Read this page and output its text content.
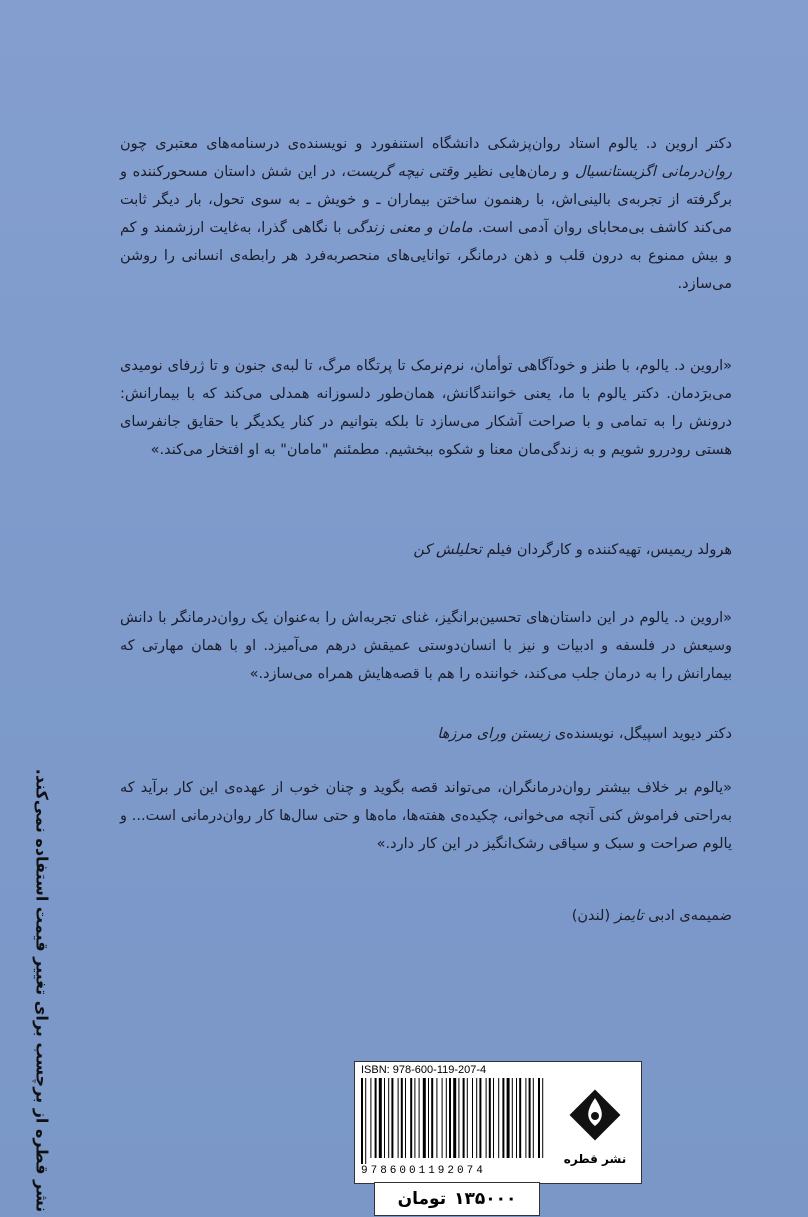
دکتر اروین د. یالوم استاد روان‌پزشکی دانشگاه استنفورد و نویسنده‌ی درسنامه‌های معتبری چون روان‌درمانی اگزیستانسیال و رمان‌هایی نظیر وقتی نیچه گریست، در این شش داستان مسحورکننده و برگرفته از تجربه‌ی بالینی‌اش، با رهنمون ساختن بیماران ـ و خویش ـ به سوی تحول، بار دیگر ثابت می‌کند کاشف بی‌محابای روان آدمی است. مامان و معنی زندگی با نگاهی گذرا، به‌غایت ارزشمند و کم و بیش ممنوع به درون قلب و ذهن درمانگر، توانایی‌های منحصر‌به‌فرد هر رابطه‌ی انسانی را روشن می‌سازد.

«اروین د. یالوم، با طنز و خودآگاهی توأمان، نرم‌نرمک تا پرتگاه مرگ، تا لبه‌ی جنون و تا ژرفای نومیدی می‌برَدمان. دکتر یالوم با ما، یعنی خوانندگانش، همان‌طور دلسوزانه همدلی می‌کند که با بیمارانش: درونش را به تمامی و با صراحت آشکار می‌سازد تا بلکه بتوانیم در کنار یکدیگر با حقایق جانفرسای هستی رودررو شویم و به زندگی‌مان معنا و شکوه ببخشیم. مطمئنم "مامان" به او افتخار می‌کند.»

هرولد ریمیس، تهیه‌کننده و کارگردان فیلم تحلیلش کن

«اروین د. یالوم در این داستان‌های تحسین‌برانگیز، غنای تجربه‌اش را به‌عنوان یک روان‌درمانگر با دانش وسیعش در فلسفه و ادبیات و نیز با انسان‌دوستی عمیقش درهم می‌آمیزد. او با همان مهارتی که بیمارانش را به درمان جلب می‌کند، خواننده را هم با قصه‌هایش همراه می‌سازد.»

دکتر دیوید اسپیگل، نویسنده‌ی زیستن ورای مرزها

«یالوم بر خلاف بیشتر روان‌درمانگران، می‌تواند قصه بگوید و چنان خوب از عهده‌ی این کار برآید که به‌راحتی فراموش کنی آنچه می‌خوانی، چکیده‌ی هفته‌ها، ماه‌ها و حتی سال‌ها کار روان‌درمانی است... و یالوم صراحت و سبک و سیاقی رشک‌انگیز در این کار دارد.»

ضمیمه‌ی ادبی تایمز (لندن)
نشر قطره از برچسب برای تغییر قیمت استفاده نمی‌کند.	ISBN: 978-600-119-207-4
9786001192074
نشر قطره
۱۳۵۰۰۰
تومان
